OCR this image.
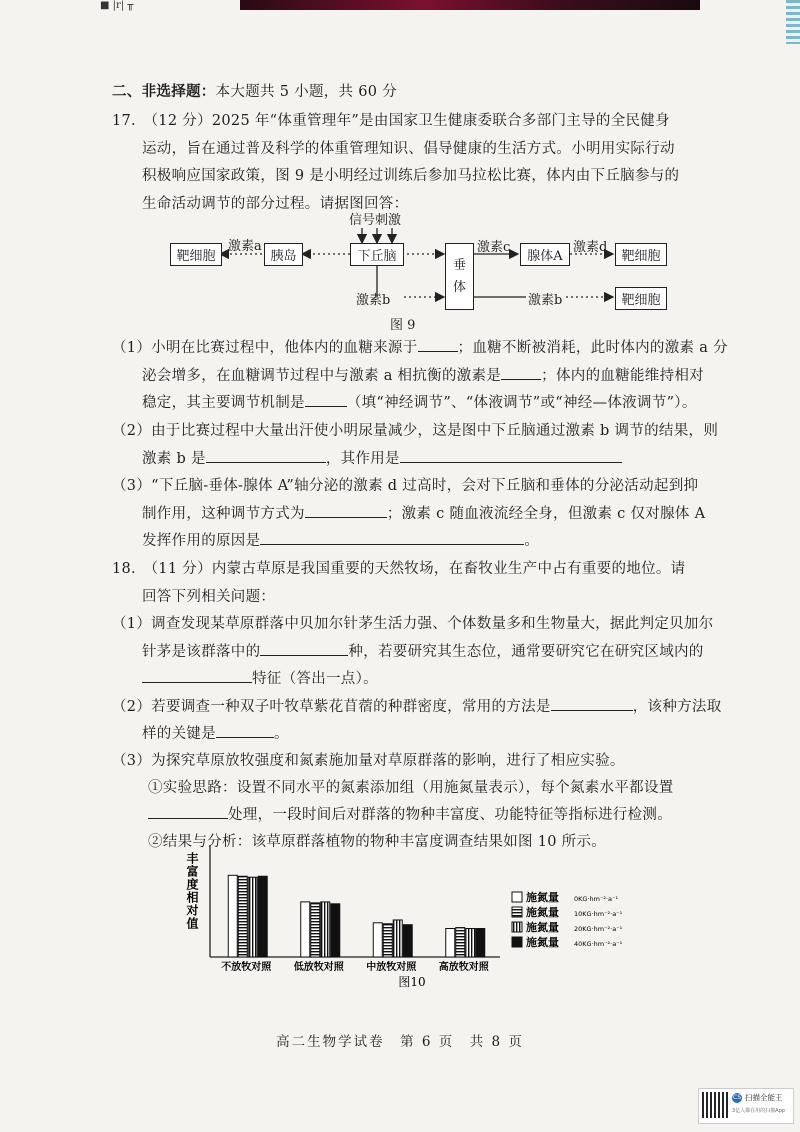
■ |r| ╥
二、非选择题：本大题共 5 小题，共 60 分
17.　（12 分）2025 年“体重管理年”是由国家卫生健康委联合多部门主导的全民健身
运动，旨在通过普及科学的体重管理知识、倡导健康的生活方式。小明用实际行动
积极响应国家政策，图 9 是小明经过训练后参加马拉松比赛，体内由下丘脑参与的
生命活动调节的部分过程。请据图回答：
信号刺激
靶细胞
激素a
胰岛	下丘脑
垂
体
激素c
腺体A
激素d
靶细胞
激素b	激素b	靶细胞
图 9
（1）小明在比赛过程中，他体内的血糖来源于	；血糖不断被消耗，此时体内的激素 a 分
泌会增多，在血糖调节过程中与激素 a 相抗衡的激素是	；体内的血糖能维持相对
稳定，其主要调节机制是	（填“神经调节”、“体液调节”或“神经—体液调节”）。
（2）由于比赛过程中大量出汗使小明尿量减少，这是图中下丘脑通过激素 b 调节的结果，则
激素 b 是	，其作用是
（3）“下丘脑-垂体-腺体 A”轴分泌的激素 d 过高时，会对下丘脑和垂体的分泌活动起到抑
制作用，这种调节方式为	；激素 c 随血液流经全身，但激素 c 仅对腺体 A
发挥作用的原因是	。
18.　（11 分）内蒙古草原是我国重要的天然牧场，在畜牧业生产中占有重要的地位。请
回答下列相关问题：
（1）调查发现某草原群落中贝加尔针茅生活力强、个体数量多和生物量大，据此判定贝加尔
针茅是该群落中的	种，若要研究其生态位，通常要研究它在研究区域内的
特征（答出一点）。
（2）若要调查一种双子叶牧草紫花苜蓿的种群密度，常用的方法是	，该种方法取
样的关键是	。
（3）为探究草原放牧强度和氮素施加量对草原群落的影响，进行了相应实验。
①实验思路：设置不同水平的氮素添加组（用施氮量表示），每个氮素水平都设置
处理，一段时间后对群落的物种丰富度、功能特征等指标进行检测。
②结果与分析：该草原群落植物的物种丰富度调查结果如图 10 所示。
丰富度相对值
不放牧对照 低放牧对照 中放牧对照 高放牧对照
图10
施氮量 0KG·hm⁻²·a⁻¹
施氮量 10KG·hm⁻²·a⁻¹
施氮量 20KG·hm⁻²·a⁻¹
施氮量 40KG·hm⁻²·a⁻¹
高二生物学试卷　第 6 页　共 8 页
CS 扫描全能王
3亿人都在用的扫描App
